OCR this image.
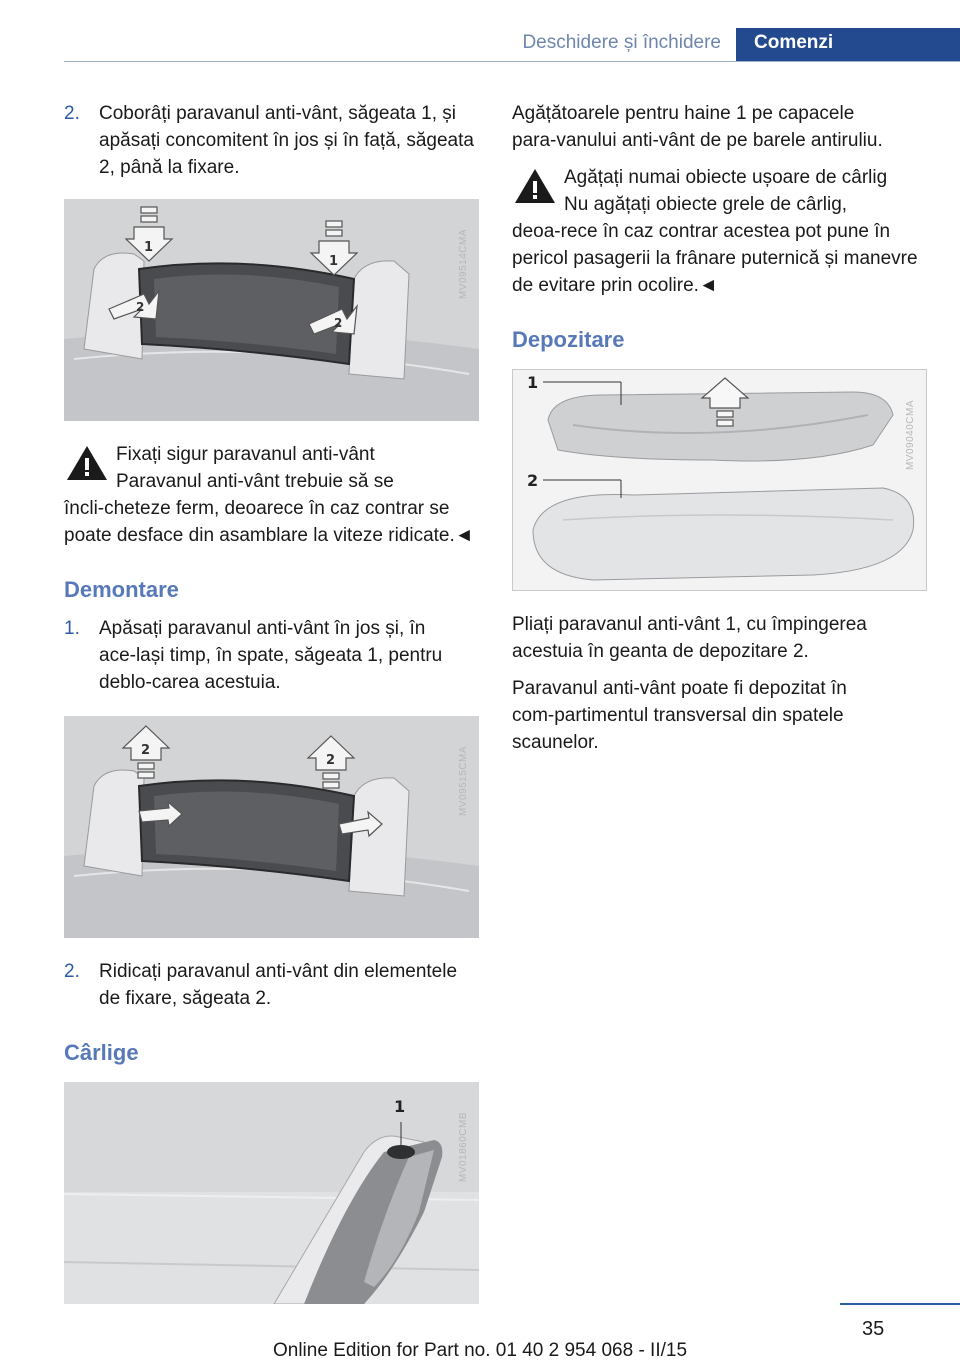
Deschidere și închidere	Comenzi
2. Coborâți paravanul anti‑vânt, săgeata 1, și apăsați concomitent în jos și în față, săgeata 2, până la fixare.
1
1
2
2
MV09514CMA
Fixați sigur paravanul anti‑vânt
Paravanul anti‑vânt trebuie să se încli‑cheteze ferm, deoarece în caz contrar se poate desface din asamblare la viteze ridicate.◄
Demontare
1. Apăsați paravanul anti‑vânt în jos și, în ace‑lași timp, în spate, săgeata 1, pentru deblo‑carea acestuia.
2
2	MV09515CMA
2. Ridicați paravanul anti‑vânt din elementele de fixare, săgeata 2.
Cârlige
1
MV01860CMB
Agățătoarele pentru haine 1 pe capacele para‑vanului anti‑vânt de pe barele antiruliu.
Agățați numai obiecte ușoare de cârlig
Nu agățați obiecte grele de cârlig, deoa‑rece în caz contrar acestea pot pune în pericol pasagerii la frânare puternică și manevre de evitare prin ocolire.◄
Depozitare
1
2
MV09040CMA
Pliați paravanul anti‑vânt 1, cu împingerea acestuia în geanta de depozitare 2.
Paravanul anti‑vânt poate fi depozitat în com‑partimentul transversal din spatele scaunelor.
35
Online Edition for Part no. 01 40 2 954 068 - II/15
